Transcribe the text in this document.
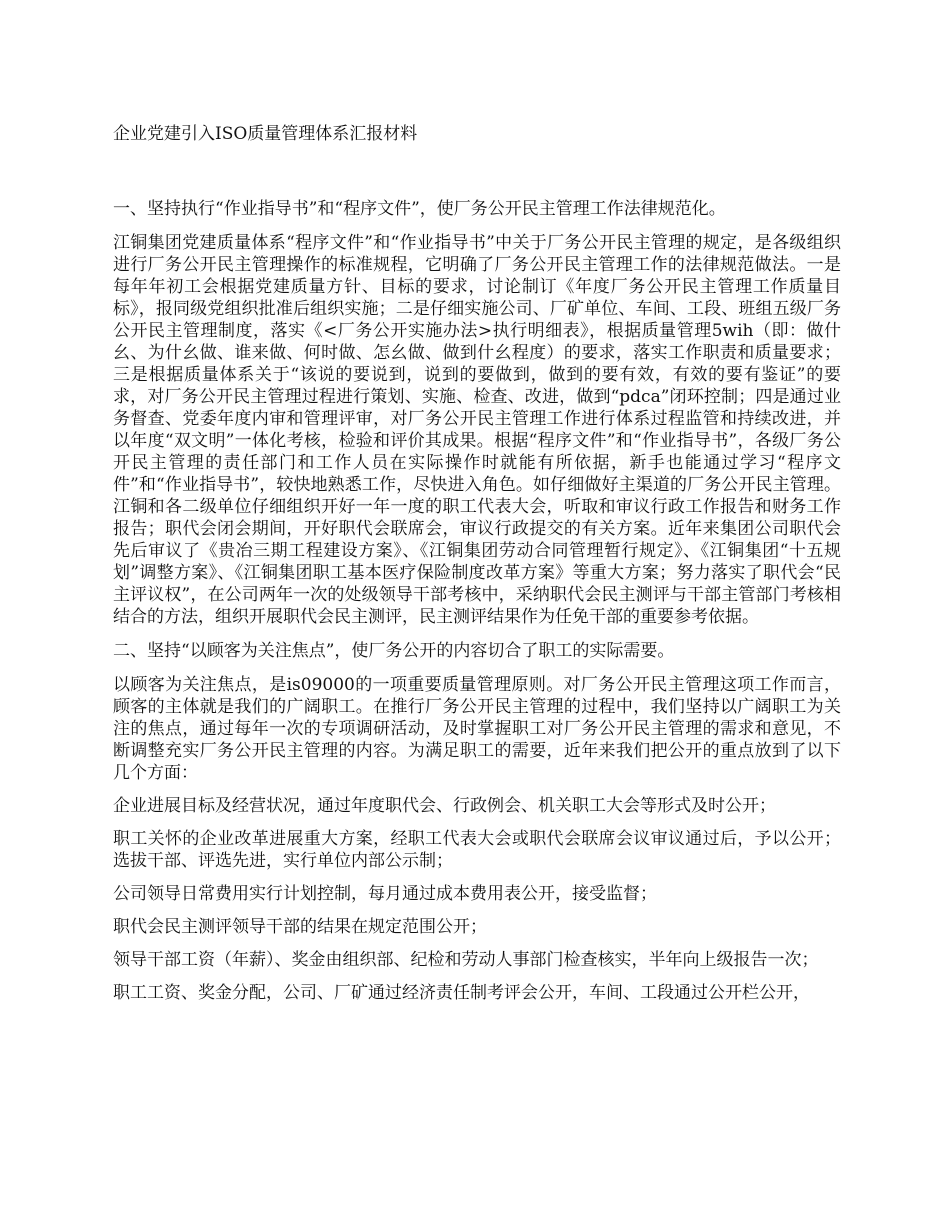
企业党建引入ISO质量管理体系汇报材料

一、坚持执行“作业指导书”和“程序文件”，使厂务公开民主管理工作法律规范化。

江铜集团党建质量体系“程序文件”和“作业指导书”中关于厂务公开民主管理的规定，是各级组织进行厂务公开民主管理操作的标准规程，它明确了厂务公开民主管理工作的法律规范做法。一是每年年初工会根据党建质量方针、目标的要求，讨论制订《年度厂务公开民主管理工作质量目标》，报同级党组织批准后组织实施；二是仔细实施公司、厂矿单位、车间、工段、班组五级厂务公开民主管理制度，落实《<厂务公开实施办法>执行明细表》，根据质量管理5wih（即：做什幺、为什幺做、谁来做、何时做、怎幺做、做到什幺程度）的要求，落实工作职责和质量要求；三是根据质量体系关于“该说的要说到，说到的要做到，做到的要有效，有效的要有鉴证”的要求，对厂务公开民主管理过程进行策划、实施、检查、改进，做到“pdca”闭环控制；四是通过业务督查、党委年度内审和管理评审，对厂务公开民主管理工作进行体系过程监管和持续改进，并以年度“双文明”一体化考核，检验和评价其成果。根据“程序文件”和“作业指导书”，各级厂务公开民主管理的责任部门和工作人员在实际操作时就能有所依据，新手也能通过学习“程序文件”和“作业指导书”，较快地熟悉工作，尽快进入角色。如仔细做好主渠道的厂务公开民主管理。江铜和各二级单位仔细组织开好一年一度的职工代表大会，听取和审议行政工作报告和财务工作报告；职代会闭会期间，开好职代会联席会，审议行政提交的有关方案。近年来集团公司职代会先后审议了《贵冶三期工程建设方案》、《江铜集团劳动合同管理暂行规定》、《江铜集团“十五规划”调整方案》、《江铜集团职工基本医疗保险制度改革方案》等重大方案；努力落实了职代会“民主评议权”，在公司两年一次的处级领导干部考核中，采纳职代会民主测评与干部主管部门考核相结合的方法，组织开展职代会民主测评，民主测评结果作为任免干部的重要参考依据。

二、坚持“以顾客为关注焦点”，使厂务公开的内容切合了职工的实际需要。

以顾客为关注焦点，是is09000的一项重要质量管理原则。对厂务公开民主管理这项工作而言，顾客的主体就是我们的广阔职工。在推行厂务公开民主管理的过程中，我们坚持以广阔职工为关注的焦点，通过每年一次的专项调研活动，及时掌握职工对厂务公开民主管理的需求和意见，不断调整充实厂务公开民主管理的内容。为满足职工的需要，近年来我们把公开的重点放到了以下几个方面：

企业进展目标及经营状况，通过年度职代会、行政例会、机关职工大会等形式及时公开；

职工关怀的企业改革进展重大方案，经职工代表大会或职代会联席会议审议通过后，予以公开；选拔干部、评选先进，实行单位内部公示制；

公司领导日常费用实行计划控制，每月通过成本费用表公开，接受监督；

职代会民主测评领导干部的结果在规定范围公开；

领导干部工资（年薪）、奖金由组织部、纪检和劳动人事部门检查核实，半年向上级报告一次；

职工工资、奖金分配，公司、厂矿通过经济责任制考评会公开，车间、工段通过公开栏公开，
